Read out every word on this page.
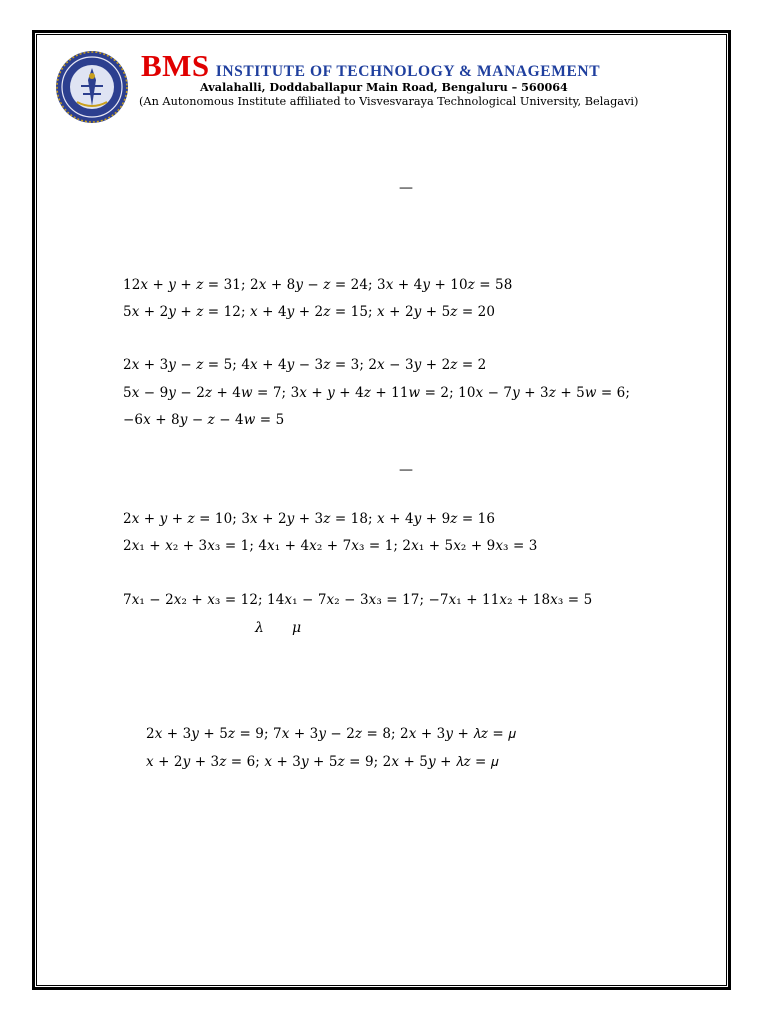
BMS INSTITUTE OF TECHNOLOGY & MANAGEMENT
Avalahalli, Doddaballapur Main Road, Bengaluru – 560064
(An Autonomous Institute affiliated to Visvesvaraya Technological University, Belagavi)
—
12𝑥 + 𝑦 + 𝑧 = 31; 2𝑥 + 8𝑦 − 𝑧 = 24; 3𝑥 + 4𝑦 + 10𝑧 = 58
5𝑥 + 2𝑦 + 𝑧 = 12; 𝑥 + 4𝑦 + 2𝑧 = 15; 𝑥 + 2𝑦 + 5𝑧 = 20
2𝑥 + 3𝑦 − 𝑧 = 5; 4𝑥 + 4𝑦 − 3𝑧 = 3; 2𝑥 − 3𝑦 + 2𝑧 = 2
5𝑥 − 9𝑦 − 2𝑧 + 4𝑤 = 7; 3𝑥 + 𝑦 + 4𝑧 + 11𝑤 = 2; 10𝑥 − 7𝑦 + 3𝑧 + 5𝑤 = 6;
−6𝑥 + 8𝑦 − 𝑧 − 4𝑤 = 5
—
2𝑥 + 𝑦 + 𝑧 = 10; 3𝑥 + 2𝑦 + 3𝑧 = 18; 𝑥 + 4𝑦 + 9𝑧 = 16
2𝑥₁ + 𝑥₂ + 3𝑥₃ = 1; 4𝑥₁ + 4𝑥₂ + 7𝑥₃ = 1; 2𝑥₁ + 5𝑥₂ + 9𝑥₃ = 3
7𝑥₁ − 2𝑥₂ + 𝑥₃ = 12; 14𝑥₁ − 7𝑥₂ − 3𝑥₃ = 17; −7𝑥₁ + 11𝑥₂ + 18𝑥₃ = 5
𝜆 𝜇
2𝑥 + 3𝑦 + 5𝑧 = 9; 7𝑥 + 3𝑦 − 2𝑧 = 8; 2𝑥 + 3𝑦 + 𝜆𝑧 = 𝜇
𝑥 + 2𝑦 + 3𝑧 = 6; 𝑥 + 3𝑦 + 5𝑧 = 9; 2𝑥 + 5𝑦 + 𝜆𝑧 = 𝜇
